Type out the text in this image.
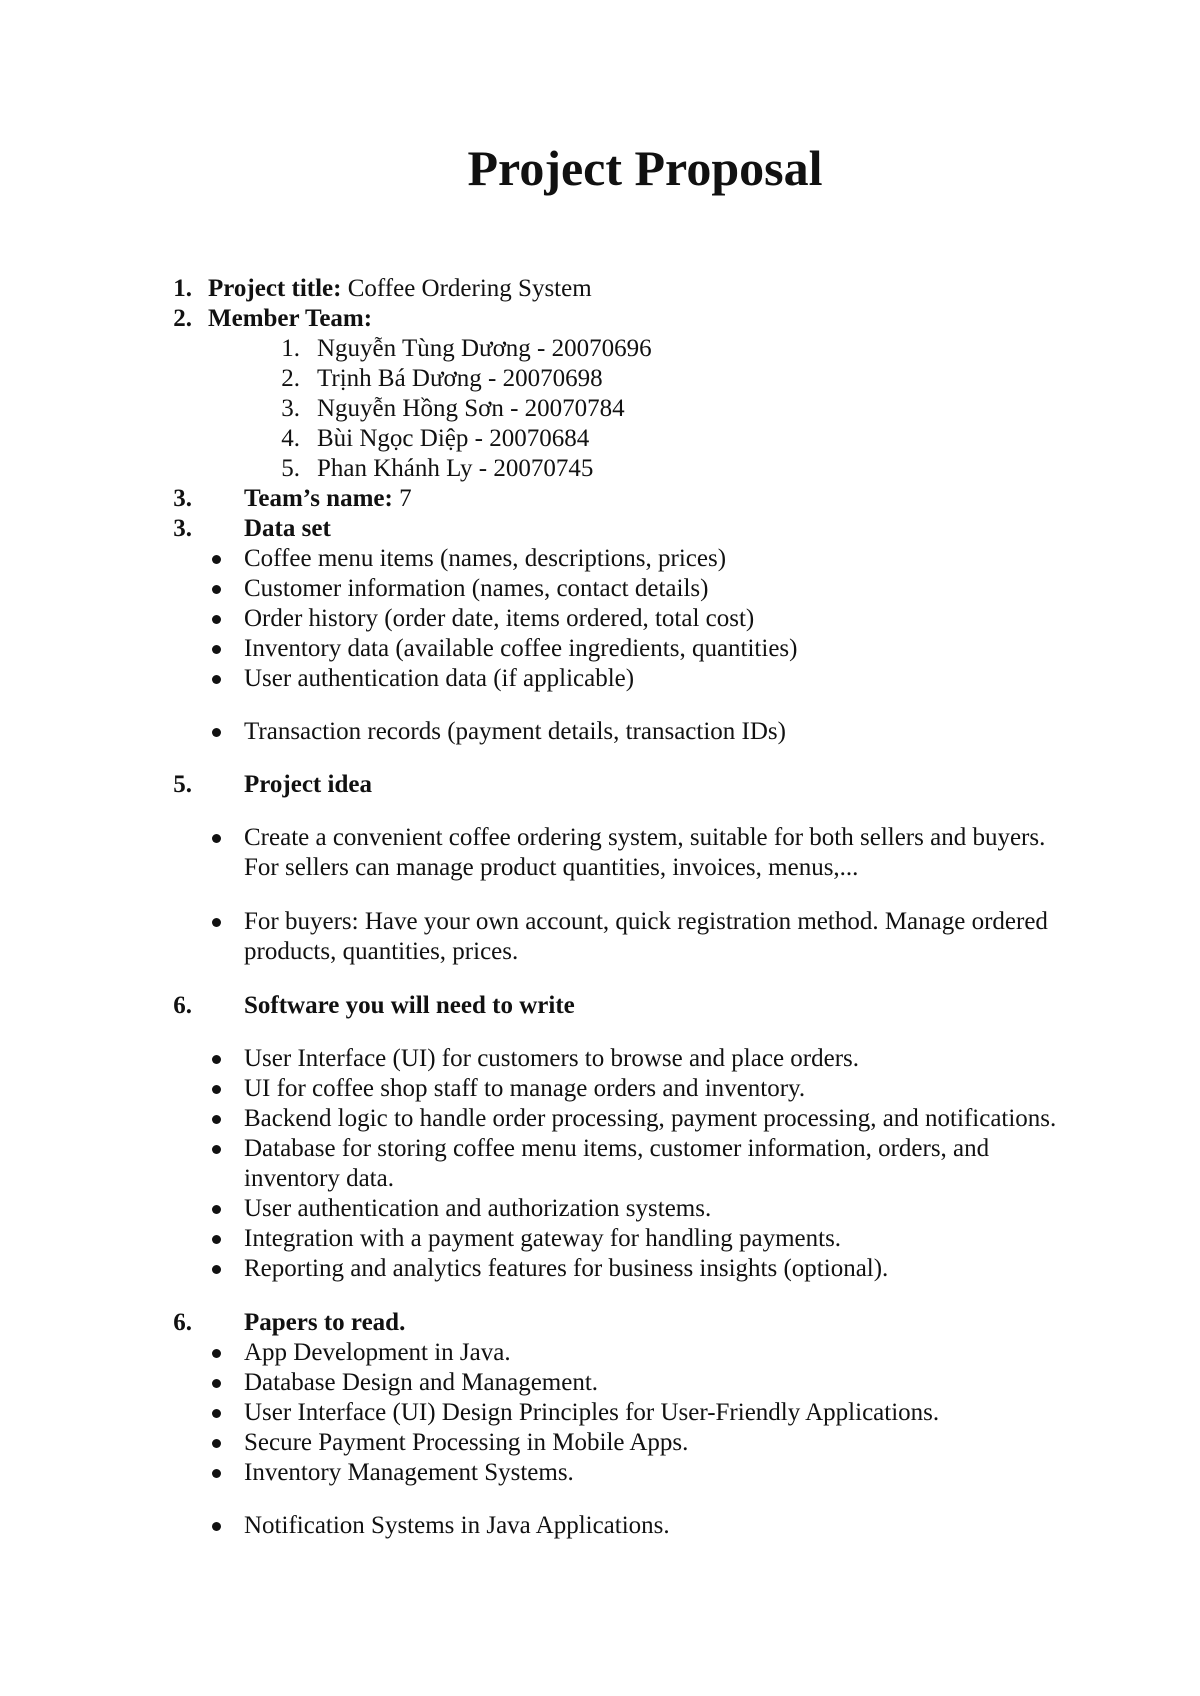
Project Proposal
1. Project title: Coffee Ordering System
2. Member Team:
1. Nguyễn Tùng Dương - 20070696
2. Trịnh Bá Dương - 20070698
3. Nguyễn Hồng Sơn - 20070784
4. Bùi Ngọc Diệp - 20070684
5. Phan Khánh Ly - 20070745
3. Team’s name: 7
3. Data set
Coffee menu items (names, descriptions, prices)
Customer information (names, contact details)
Order history (order date, items ordered, total cost)
Inventory data (available coffee ingredients, quantities)
User authentication data (if applicable)
Transaction records (payment details, transaction IDs)
5. Project idea
Create a convenient coffee ordering system, suitable for both sellers and buyers.
For sellers can manage product quantities, invoices, menus,...
For buyers: Have your own account, quick registration method. Manage ordered
products, quantities, prices.
6. Software you will need to write
User Interface (UI) for customers to browse and place orders.
UI for coffee shop staff to manage orders and inventory.
Backend logic to handle order processing, payment processing, and notifications.
Database for storing coffee menu items, customer information, orders, and
inventory data.
User authentication and authorization systems.
Integration with a payment gateway for handling payments.
Reporting and analytics features for business insights (optional).
6. Papers to read.
App Development in Java.
Database Design and Management.
User Interface (UI) Design Principles for User-Friendly Applications.
Secure Payment Processing in Mobile Apps.
Inventory Management Systems.
Notification Systems in Java Applications.
